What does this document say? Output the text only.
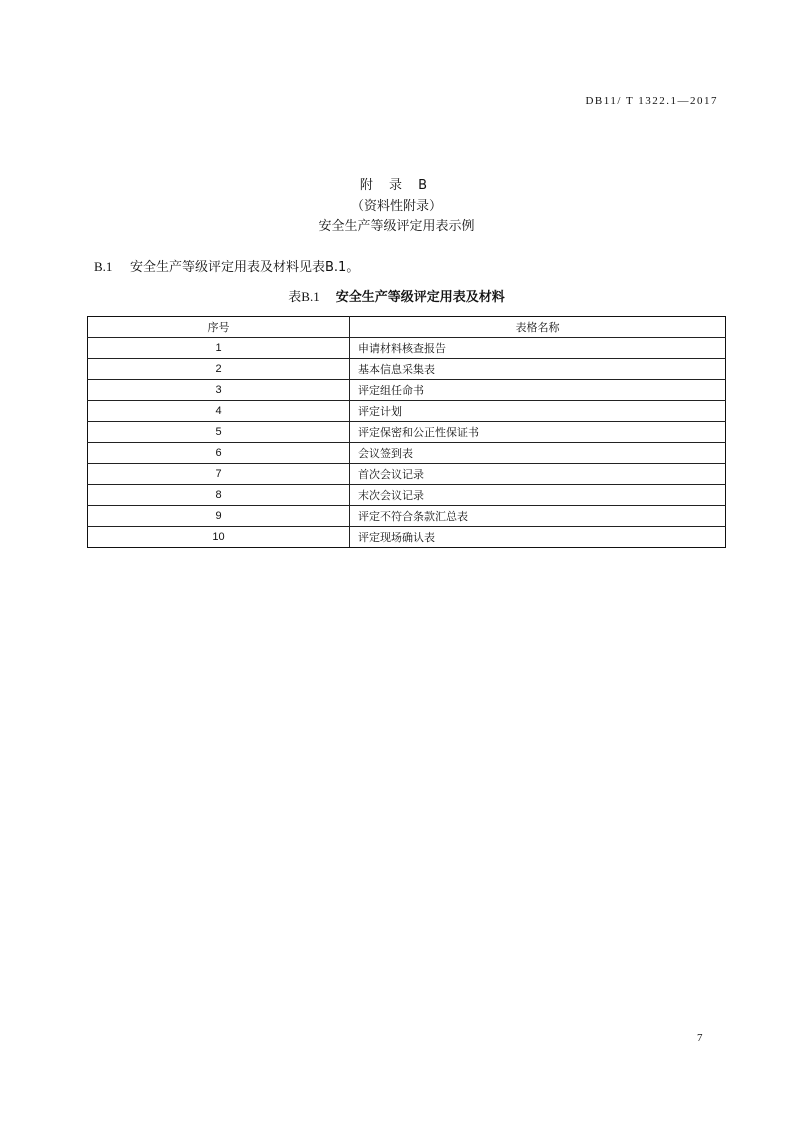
DB11/ T 1322.1—2017
附 录 B
（资料性附录）
安全生产等级评定用表示例
B.1 安全生产等级评定用表及材料见表B.1。
表B.1 安全生产等级评定用表及材料
序号	表格名称
1	申请材料核查报告
2	基本信息采集表
3	评定组任命书
4	评定计划
5	评定保密和公正性保证书
6	会议签到表
7	首次会议记录
8	末次会议记录
9	评定不符合条款汇总表
10	评定现场确认表
7
